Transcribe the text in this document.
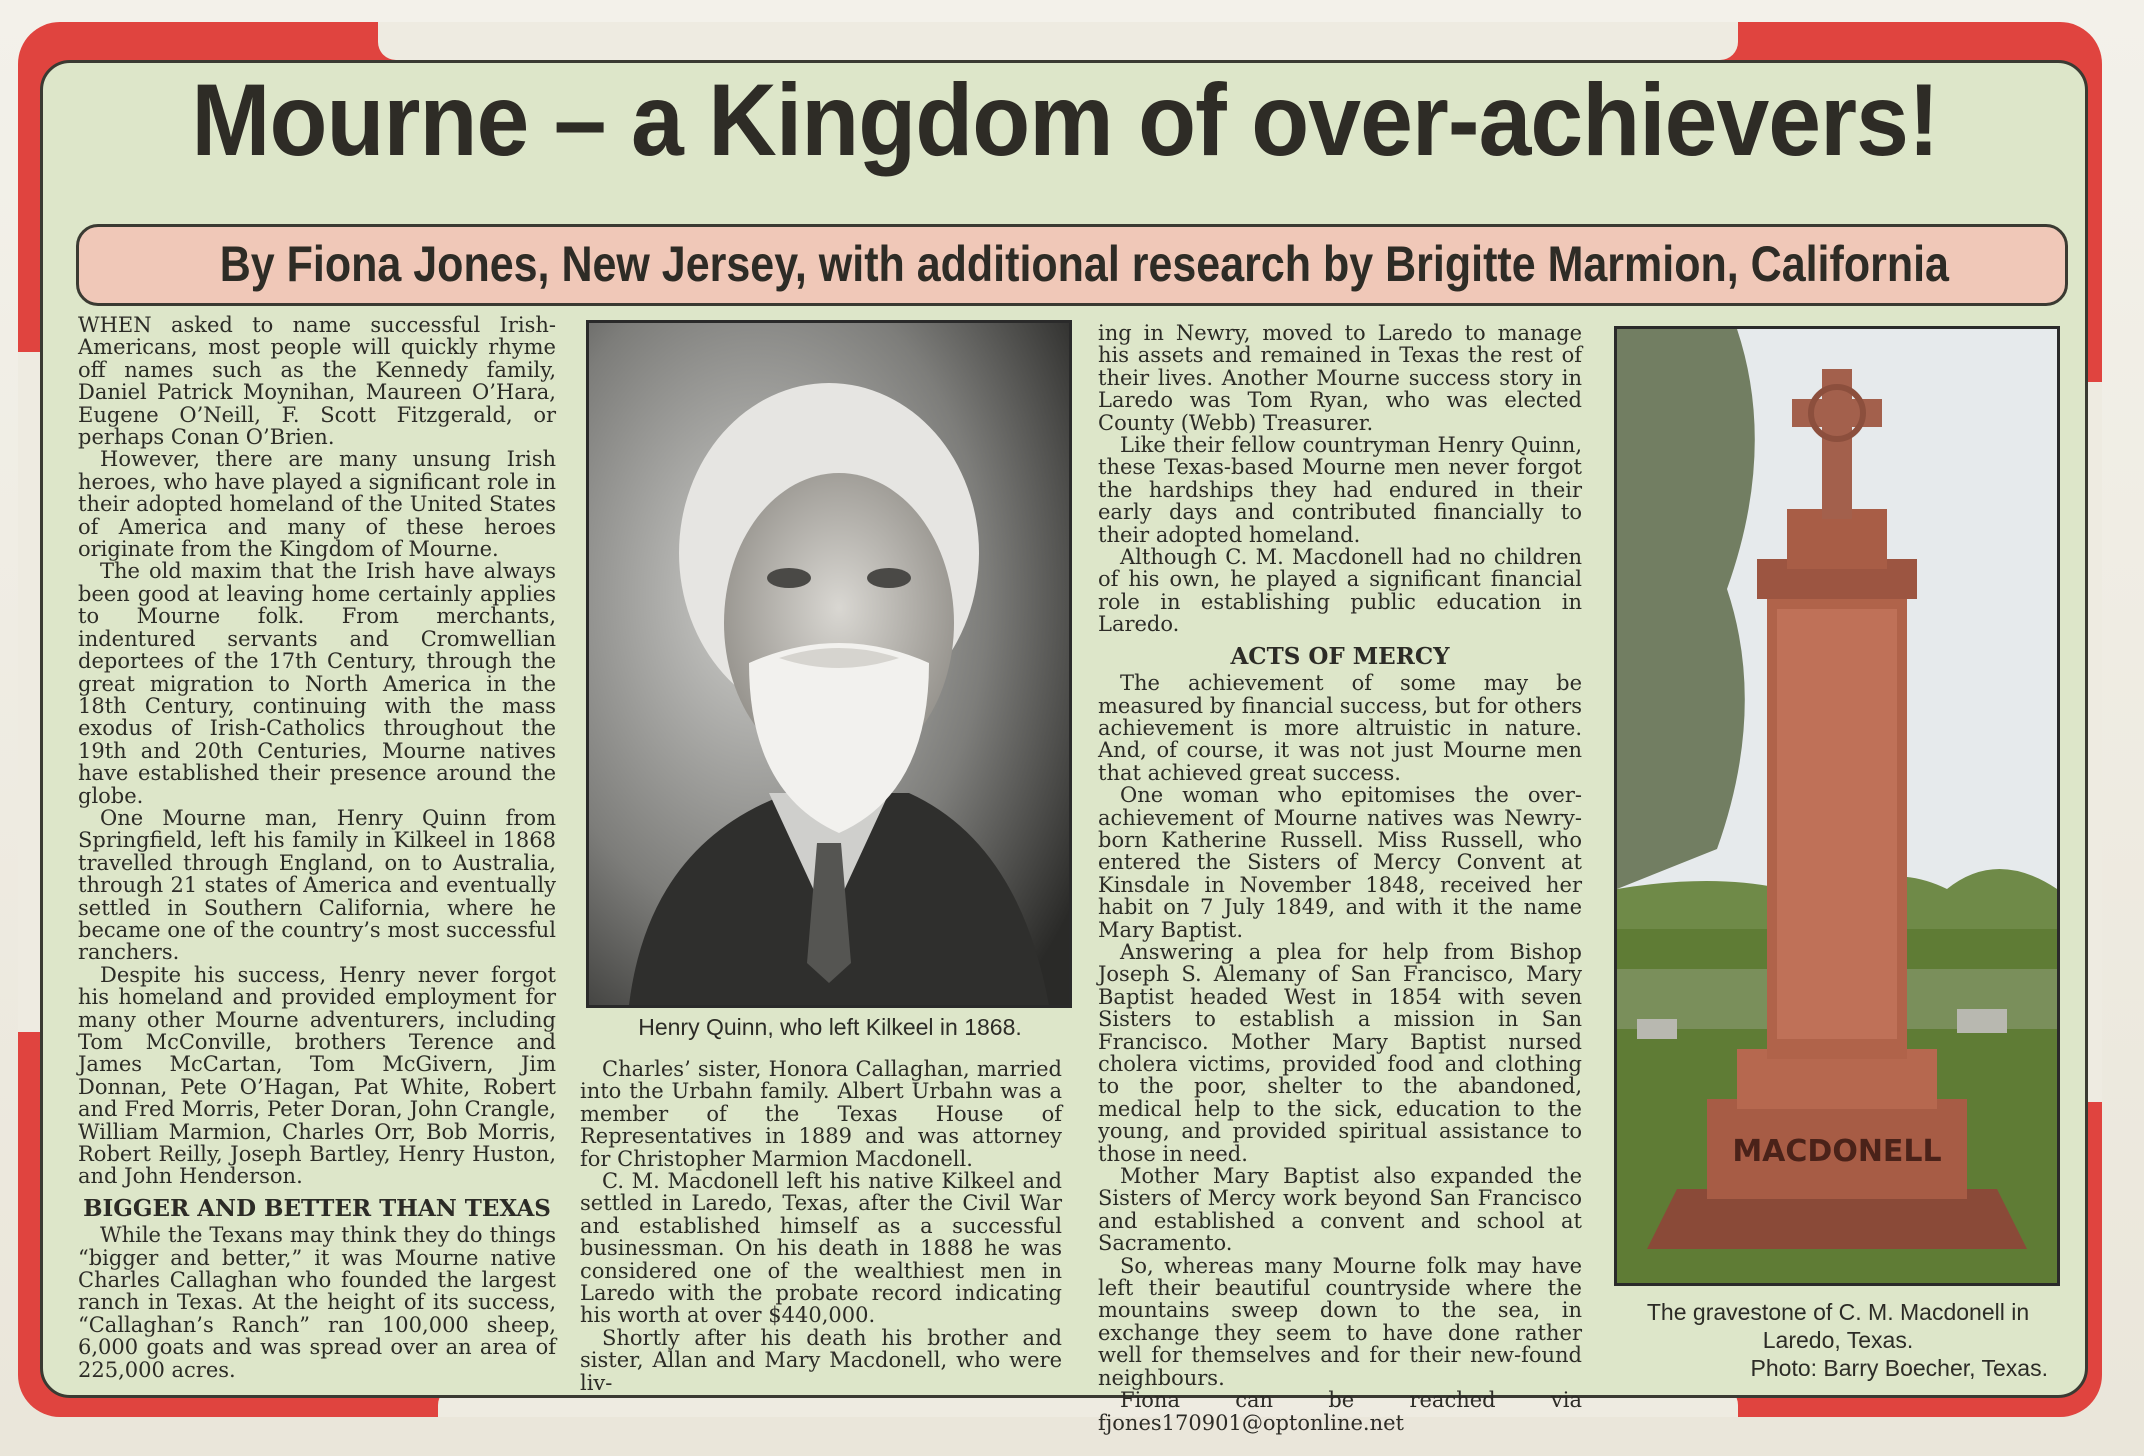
Mourne – a Kingdom of over-achievers!
By Fiona Jones, New Jersey, with additional research by Brigitte Marmion, California

WHEN asked to name successful Irish-Americans, most people will quickly rhyme off names such as the Kennedy family, Daniel Patrick Moynihan, Maureen O’Hara, Eugene O’Neill, F. Scott Fitzgerald, or perhaps Conan O’Brien.

However, there are many unsung Irish heroes, who have played a significant role in their adopted homeland of the United States of America and many of these heroes originate from the Kingdom of Mourne.

The old maxim that the Irish have always been good at leaving home certainly applies to Mourne folk. From merchants, indentured servants and Cromwellian deportees of the 17th Century, through the great migration to North America in the 18th Century, continuing with the mass exodus of Irish-Catholics throughout the 19th and 20th Centuries, Mourne natives have established their presence around the globe.

One Mourne man, Henry Quinn from Springfield, left his family in Kilkeel in 1868 travelled through England, on to Australia, through 21 states of America and eventually settled in Southern California, where he became one of the country’s most successful ranchers.

Despite his success, Henry never forgot his homeland and provided employment for many other Mourne adventurers, including Tom McConville, brothers Terence and James McCartan, Tom McGivern, Jim Donnan, Pete O’Hagan, Pat White, Robert and Fred Morris, Peter Doran, John Crangle, William Marmion, Charles Orr, Bob Morris, Robert Reilly, Joseph Bartley, Henry Huston, and John Henderson.

BIGGER AND BETTER THAN TEXAS

While the Texans may think they do things “bigger and better,” it was Mourne native Charles Callaghan who founded the largest ranch in Texas. At the height of its success, “Callaghan’s Ranch” ran 100,000 sheep, 6,000 goats and was spread over an area of 225,000 acres.

Henry Quinn, who left Kilkeel in 1868.

Charles’ sister, Honora Callaghan, married into the Urbahn family. Albert Urbahn was a member of the Texas House of Representatives in 1889 and was attorney for Christopher Marmion Macdonell.

C. M. Macdonell left his native Kilkeel and settled in Laredo, Texas, after the Civil War and established himself as a successful businessman. On his death in 1888 he was considered one of the wealthiest men in Laredo with the probate record indicating his worth at over $440,000.

Shortly after his death his brother and sister, Allan and Mary Macdonell, who were liv-

ing in Newry, moved to Laredo to manage his assets and remained in Texas the rest of their lives. Another Mourne success story in Laredo was Tom Ryan, who was elected County (Webb) Treasurer.

Like their fellow countryman Henry Quinn, these Texas-based Mourne men never forgot the hardships they had endured in their early days and contributed financially to their adopted homeland.

Although C. M. Macdonell had no children of his own, he played a significant financial role in establishing public education in Laredo.

ACTS OF MERCY

The achievement of some may be measured by financial success, but for others achievement is more altruistic in nature. And, of course, it was not just Mourne men that achieved great success.

One woman who epitomises the over-achievement of Mourne natives was Newry-born Katherine Russell. Miss Russell, who entered the Sisters of Mercy Convent at Kinsdale in November 1848, received her habit on 7 July 1849, and with it the name Mary Baptist.

Answering a plea for help from Bishop Joseph S. Alemany of San Francisco, Mary Baptist headed West in 1854 with seven Sisters to establish a mission in San Francisco. Mother Mary Baptist nursed cholera victims, provided food and clothing to the poor, shelter to the abandoned, medical help to the sick, education to the young, and provided spiritual assistance to those in need.

Mother Mary Baptist also expanded the Sisters of Mercy work beyond San Francisco and established a convent and school at Sacramento.

So, whereas many Mourne folk may have left their beautiful countryside where the mountains sweep down to the sea, in exchange they seem to have done rather well for themselves and for their new-found neighbours.

Fiona can be reached via fjones170901@optonline.net

MACDONELL
The gravestone of C. M. Macdonell in
Laredo, Texas.
Photo: Barry Boecher, Texas.
